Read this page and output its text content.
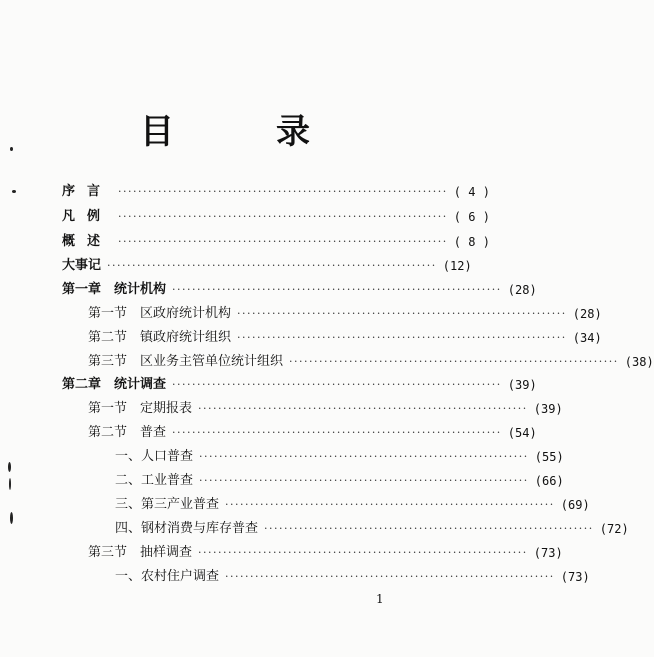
目　录
序言 ·································································· ( 4 )
凡例 ·································································· ( 6 )
概述 ·································································· ( 8 )
大事记 ·································································· (12)
第一章　统计机构 ·································································· (28)
第一节　区政府统计机构 ·································································· (28)
第二节　镇政府统计组织 ·································································· (34)
第三节　区业务主管单位统计组织 ·································································· (38)
第二章　统计调查 ·································································· (39)
第一节　定期报表 ·································································· (39)
第二节　普查 ·································································· (54)
一、人口普查 ·································································· (55)
二、工业普查 ·································································· (66)
三、第三产业普查 ·································································· (69)
四、钢材消费与库存普查 ·································································· (72)
第三节　抽样调查 ·································································· (73)
一、农村住户调查 ·································································· (73)
1
